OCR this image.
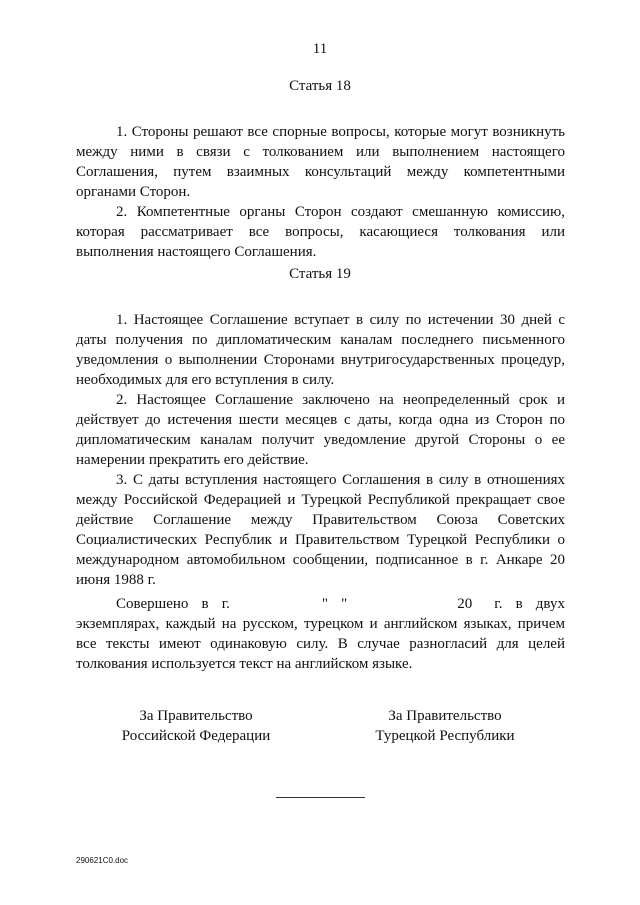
11
Статья 18

1. Стороны решают все спорные вопросы, которые могут возникнуть между ними в связи с толкованием или выполнением настоящего Соглашения, путем взаимных консультаций между компетентными органами Сторон.

2. Компетентные органы Сторон создают смешанную комиссию, которая рассматривает все вопросы, касающиеся толкования или выполнения настоящего Соглашения.

Статья 19

1. Настоящее Соглашение вступает в силу по истечении 30 дней с даты получения по дипломатическим каналам последнего письменного уведомления о выполнении Сторонами внутригосударственных процедур, необходимых для его вступления в силу.

2. Настоящее Соглашение заключено на неопределенный срок и действует до истечения шести месяцев с даты, когда одна из Сторон по дипломатическим каналам получит уведомление другой Стороны о ее намерении прекратить его действие.

3. С даты вступления настоящего Соглашения в силу в отношениях между Российской Федерацией и Турецкой Республикой прекращает свое действие Соглашение между Правительством Союза Советских Социалистических Республик и Правительством Турецкой Республики о международном автомобильном сообщении, подписанное в г. Анкаре 20 июня 1988 г.

Совершено в г.	" "	20 г. в двух экземплярах, каждый на русском, турецком и английском языках, причем все тексты имеют одинаковую силу. В случае разногласий для целей толкования используется текст на английском языке.

За Правительство
Российской Федерации
За Правительство
Турецкой Республики
290621C0.doc
